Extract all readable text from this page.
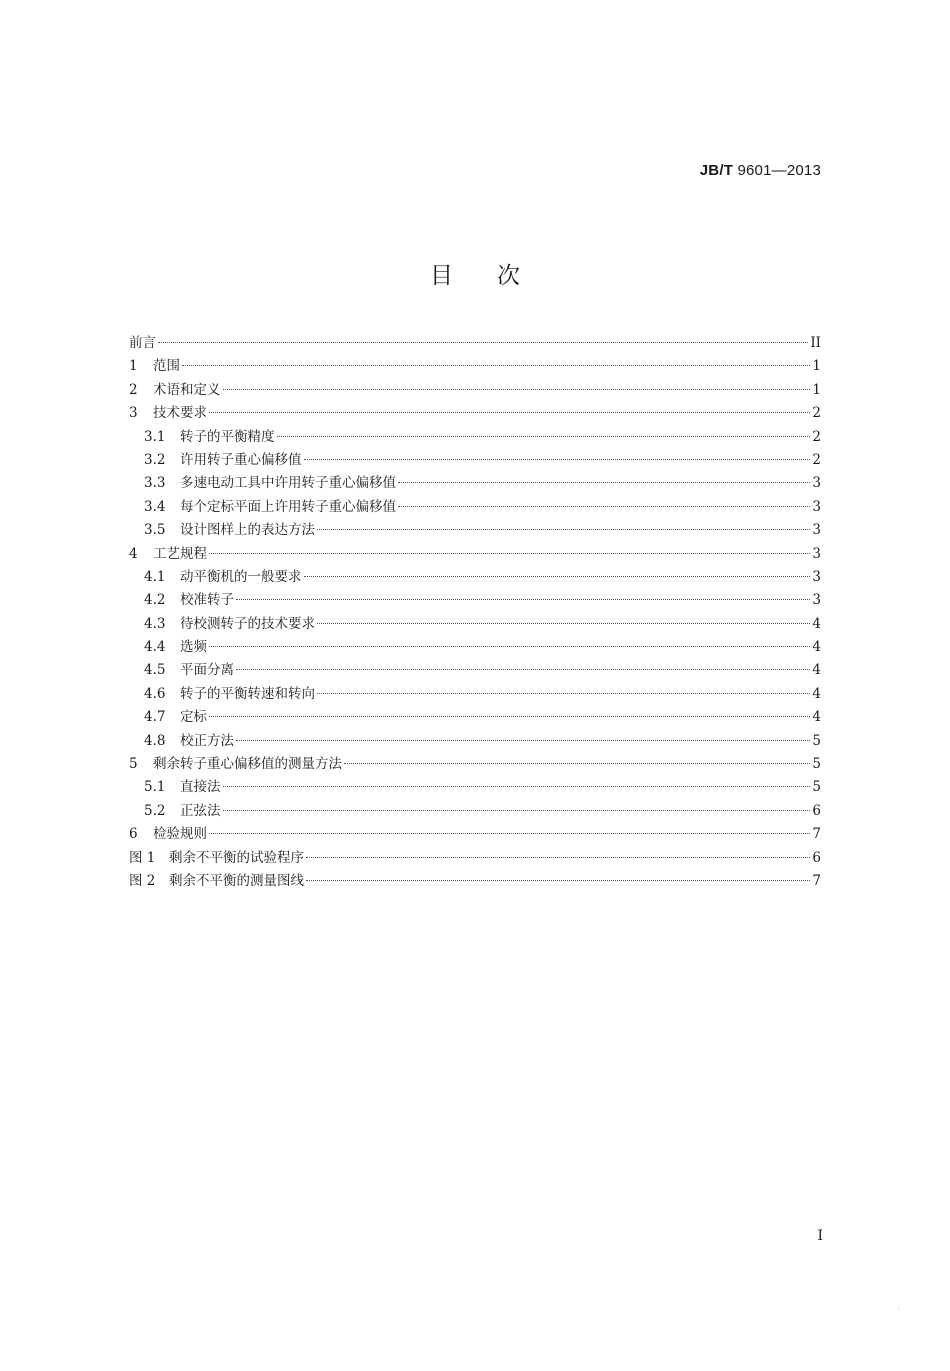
JB/T 9601—2013
目次
前言	II
1	范围	1
2	术语和定义	1
3	技术要求	2
3.1	转子的平衡精度	2
3.2	许用转子重心偏移值	2
3.3	多速电动工具中许用转子重心偏移值	3
3.4	每个定标平面上许用转子重心偏移值	3
3.5	设计图样上的表达方法	3
4	工艺规程	3
4.1	动平衡机的一般要求	3
4.2	校准转子	3
4.3	待校测转子的技术要求	4
4.4	选频	4
4.5	平面分离	4
4.6	转子的平衡转速和转向	4
4.7	定标	4
4.8	校正方法	5
5	剩余转子重心偏移值的测量方法	5
5.1	直接法	5
5.2	正弦法	6
6	检验规则	7
图 1	剩余不平衡的试验程序	6
图 2	剩余不平衡的测量图线	7
I
·
